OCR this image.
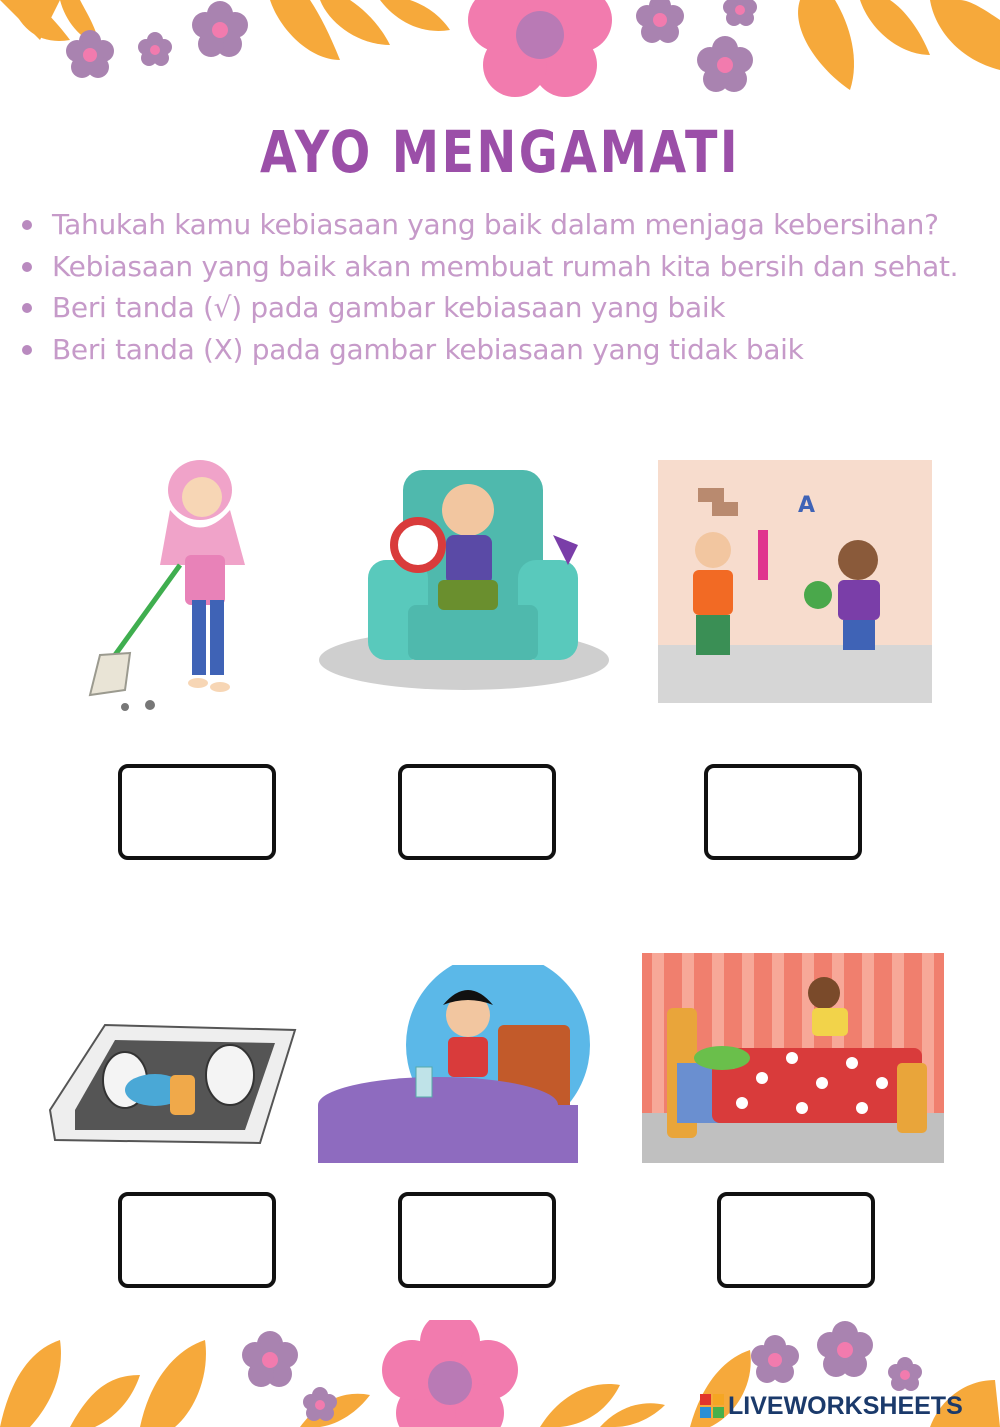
AYO MENGAMATI
Tahukah kamu kebiasaan yang baik dalam menjaga kebersihan?
Kebiasaan yang baik akan membuat rumah kita bersih dan sehat.
Beri tanda (√) pada gambar kebiasaan yang baik
Beri tanda (X) pada gambar kebiasaan yang tidak baik
A
LIVEWORKSHEETS
